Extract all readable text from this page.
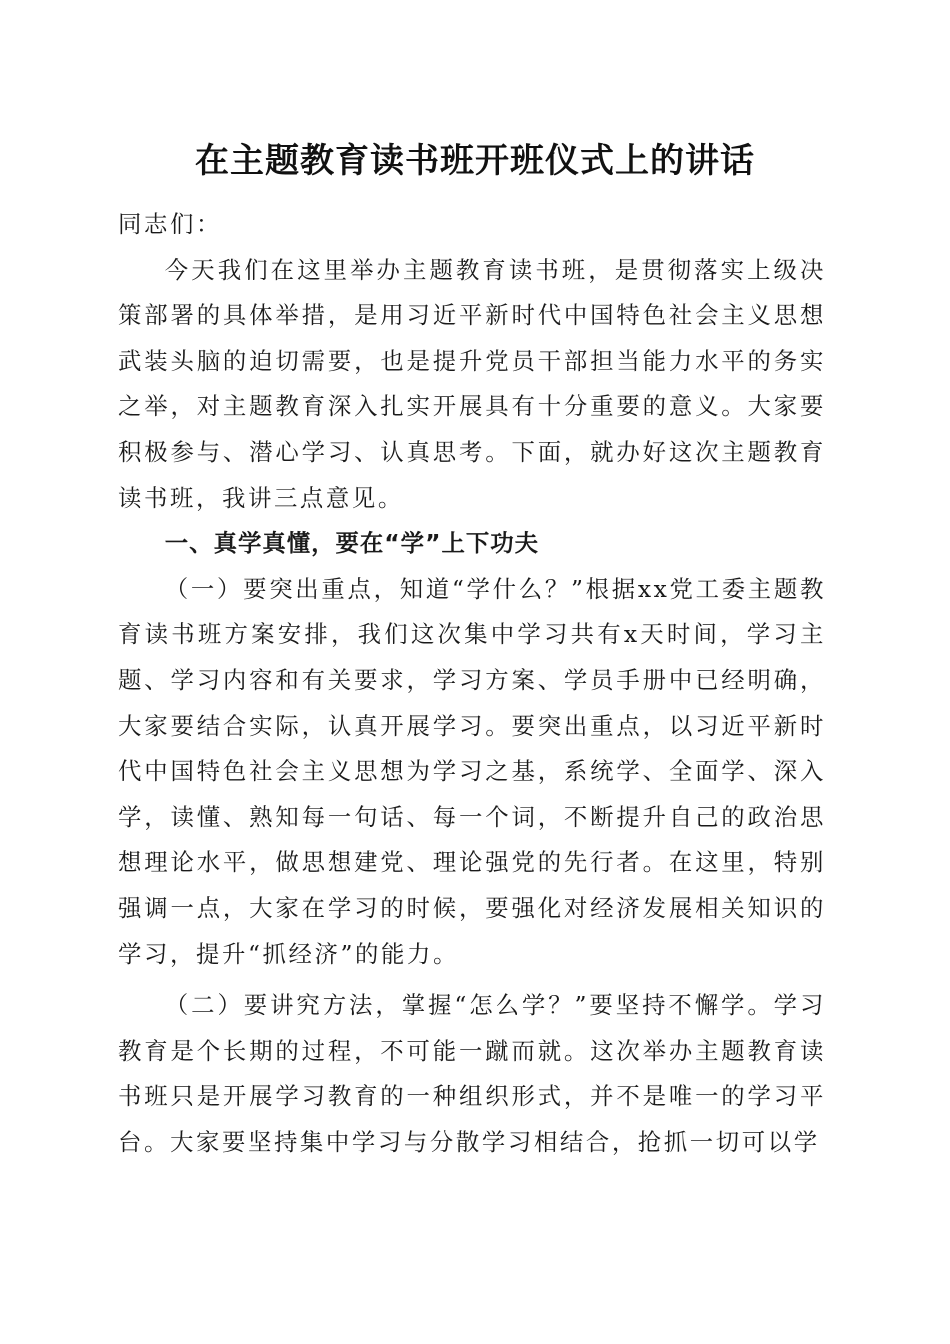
在主题教育读书班开班仪式上的讲话

同志们：

今天我们在这里举办主题教育读书班，是贯彻落实上级决策部署的具体举措，是用习近平新时代中国特色社会主义思想武装头脑的迫切需要，也是提升党员干部担当能力水平的务实之举，对主题教育深入扎实开展具有十分重要的意义。大家要积极参与、潜心学习、认真思考。下面，就办好这次主题教育读书班，我讲三点意见。

一、真学真懂，要在“学”上下功夫

（一）要突出重点，知道“学什么？”根据xx党工委主题教育读书班方案安排，我们这次集中学习共有x天时间，学习主题、学习内容和有关要求，学习方案、学员手册中已经明确，大家要结合实际，认真开展学习。要突出重点，以习近平新时代中国特色社会主义思想为学习之基，系统学、全面学、深入学，读懂、熟知每一句话、每一个词，不断提升自己的政治思想理论水平，做思想建党、理论强党的先行者。在这里，特别强调一点，大家在学习的时候，要强化对经济发展相关知识的学习，提升“抓经济”的能力。

（二）要讲究方法，掌握“怎么学？”要坚持不懈学。学习教育是个长期的过程，不可能一蹴而就。这次举办主题教育读书班只是开展学习教育的一种组织形式，并不是唯一的学习平台。大家要坚持集中学习与分散学习相结合，抢抓一切可以学
